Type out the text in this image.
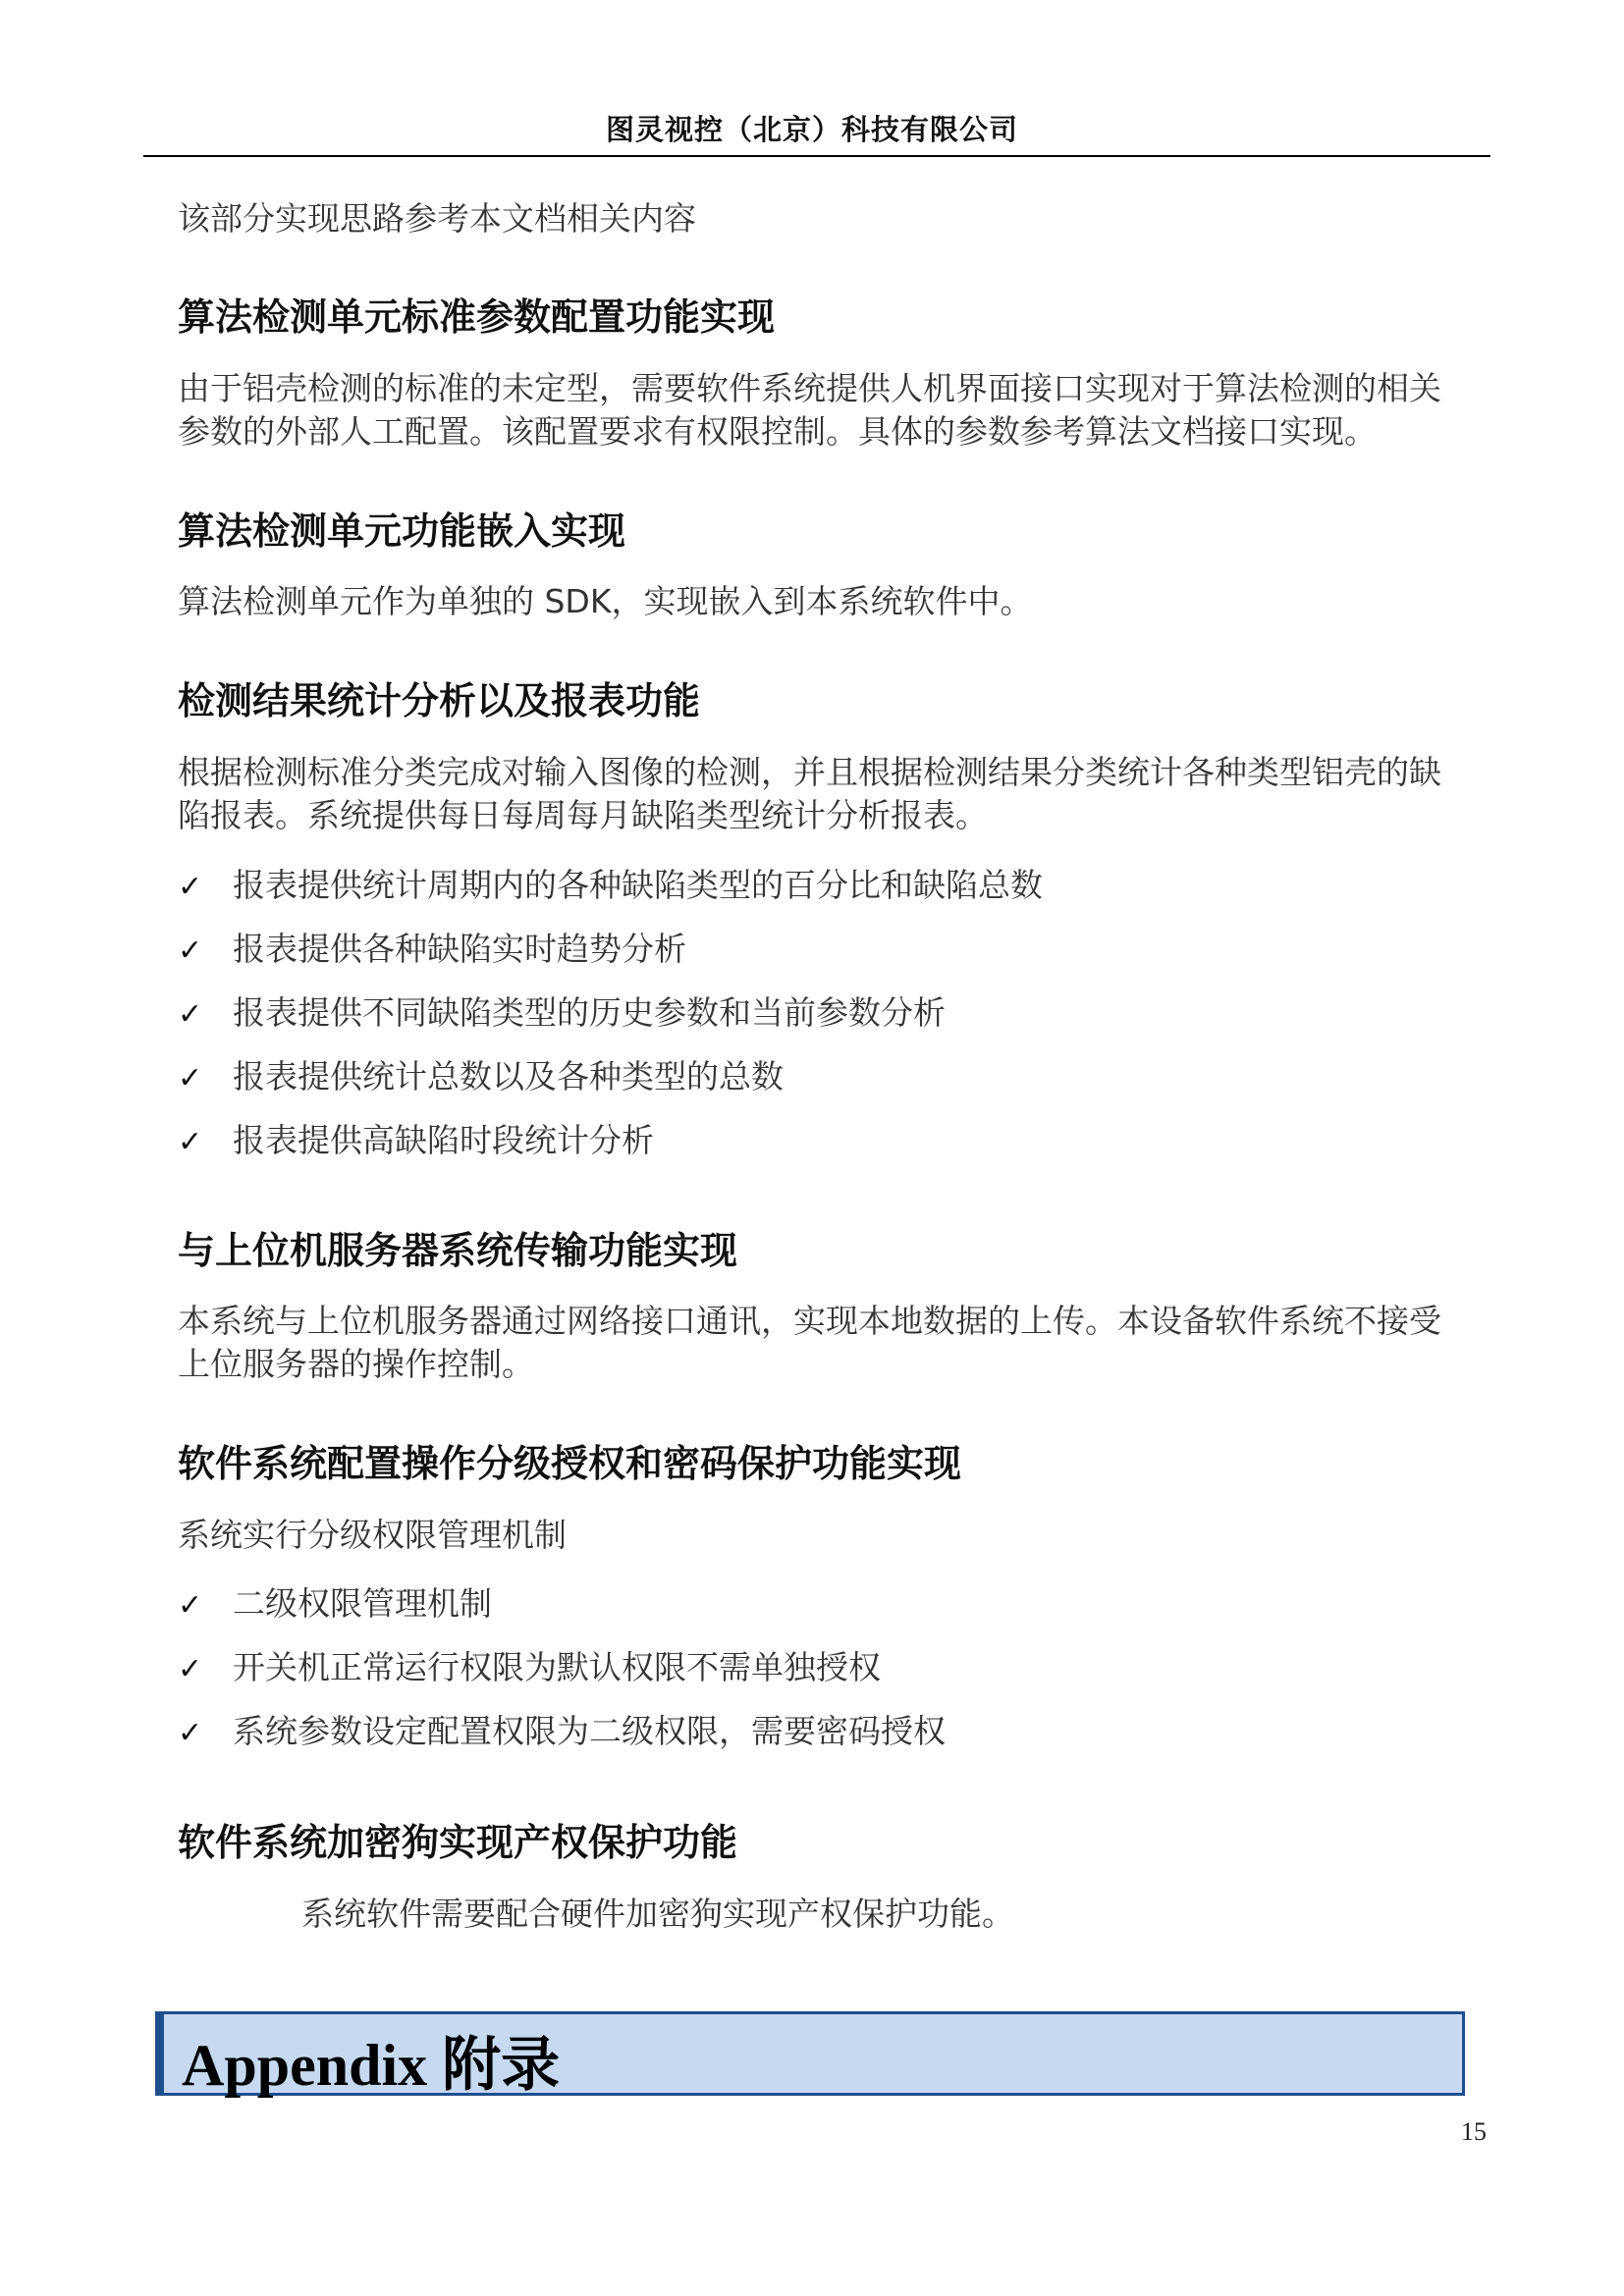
图灵视控（北京）科技有限公司
该部分实现思路参考本文档相关内容
算法检测单元标准参数配置功能实现
由于铝壳检测的标准的未定型，需要软件系统提供人机界面接口实现对于算法检测的相关
参数的外部人工配置。该配置要求有权限控制。具体的参数参考算法文档接口实现。
算法检测单元功能嵌入实现
算法检测单元作为单独的 SDK，实现嵌入到本系统软件中。
检测结果统计分析以及报表功能
根据检测标准分类完成对输入图像的检测，并且根据检测结果分类统计各种类型铝壳的缺
陷报表。系统提供每日每周每月缺陷类型统计分析报表。
✓ 报表提供统计周期内的各种缺陷类型的百分比和缺陷总数
✓ 报表提供各种缺陷实时趋势分析
✓ 报表提供不同缺陷类型的历史参数和当前参数分析
✓ 报表提供统计总数以及各种类型的总数
✓ 报表提供高缺陷时段统计分析
与上位机服务器系统传输功能实现
本系统与上位机服务器通过网络接口通讯，实现本地数据的上传。本设备软件系统不接受
上位服务器的操作控制。
软件系统配置操作分级授权和密码保护功能实现
系统实行分级权限管理机制
✓ 二级权限管理机制
✓ 开关机正常运行权限为默认权限不需单独授权
✓ 系统参数设定配置权限为二级权限，需要密码授权
软件系统加密狗实现产权保护功能
系统软件需要配合硬件加密狗实现产权保护功能。
Appendix 附录
15
